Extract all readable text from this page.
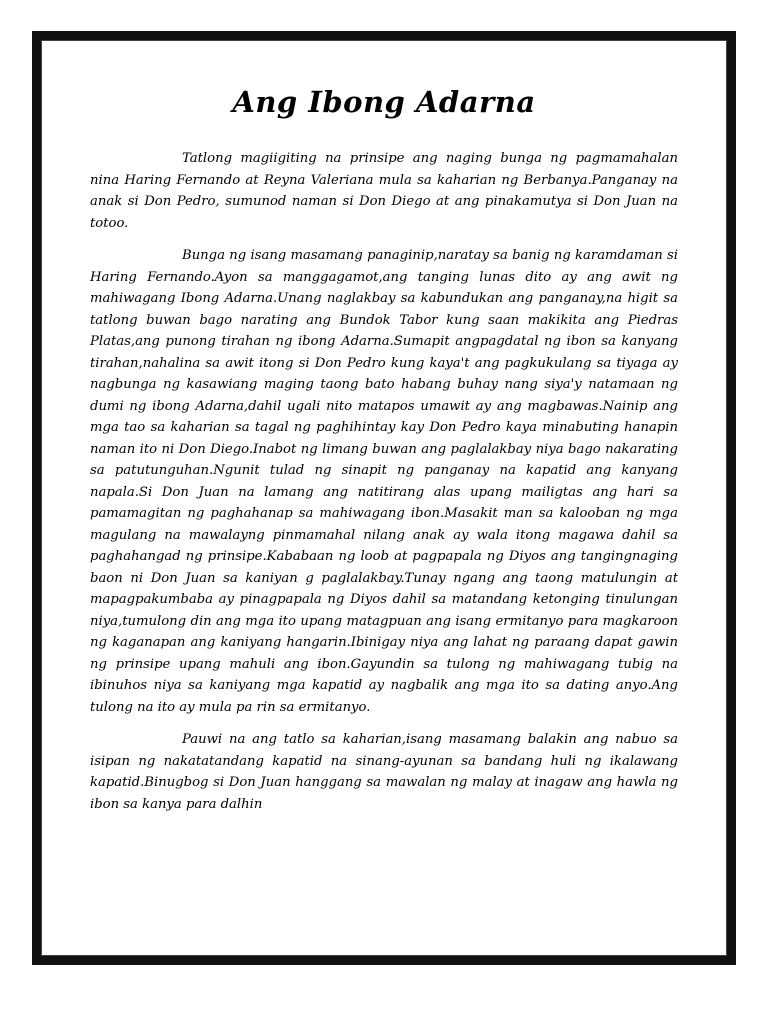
Ang Ibong Adarna

Tatlong magiigiting na prinsipe ang naging bunga ng pagmamahalan nina Haring Fernando at Reyna Valeriana mula sa kaharian ng Berbanya.Panganay na anak si Don Pedro, sumunod naman si Don Diego at ang pinakamutya si Don Juan na totoo.

Bunga ng isang masamang panaginip,naratay sa banig ng karamdaman si Haring Fernando.Ayon sa manggagamot,ang tanging lunas dito ay ang awit ng mahiwagang Ibong Adarna.Unang naglakbay sa kabundukan ang panganay,na higit sa tatlong buwan bago narating ang Bundok Tabor kung saan makikita ang Piedras Platas,ang punong tirahan ng ibong Adarna.Sumapit angpagdatal ng ibon sa kanyang tirahan,nahalina sa awit itong si Don Pedro kung kaya't ang pagkukulang sa tiyaga ay nagbunga ng kasawiang maging taong bato habang buhay nang siya'y natamaan ng dumi ng ibong Adarna,dahil ugali nito matapos umawit ay ang magbawas.Nainip ang mga tao sa kaharian sa tagal ng paghihintay kay Don Pedro kaya minabuting hanapin naman ito ni Don Diego.Inabot ng limang buwan ang paglalakbay niya bago nakarating sa patutunguhan.Ngunit tulad ng sinapit ng panganay na kapatid ang kanyang napala.Si Don Juan na lamang ang natitirang alas upang mailigtas ang hari sa pamamagitan ng paghahanap sa mahiwagang ibon.Masakit man sa kalooban ng mga magulang na mawalayng pinmamahal nilang anak ay wala itong magawa dahil sa paghahangad ng prinsipe.Kababaan ng loob at pagpapala ng Diyos ang tangingnaging baon ni Don Juan sa kaniyan g paglalakbay.Tunay ngang ang taong matulungin at mapagpakumbaba ay pinagpapala ng Diyos dahil sa matandang ketonging tinulungan niya,tumulong din ang mga ito upang matagpuan ang isang ermitanyo para magkaroon ng kaganapan ang kaniyang hangarin.Ibinigay niya ang lahat ng paraang dapat gawin ng prinsipe upang mahuli ang ibon.Gayundin sa tulong ng mahiwagang tubig na ibinuhos niya sa kaniyang mga kapatid ay nagbalik ang mga ito sa dating anyo.Ang tulong na ito ay mula pa rin sa ermitanyo.

Pauwi na ang tatlo sa kaharian,isang masamang balakin ang nabuo sa isipan ng nakatatandang kapatid na sinang-ayunan sa bandang huli ng ikalawang kapatid.Binugbog si Don Juan hanggang sa mawalan ng malay at inagaw ang hawla ng ibon sa kanya para dalhin
